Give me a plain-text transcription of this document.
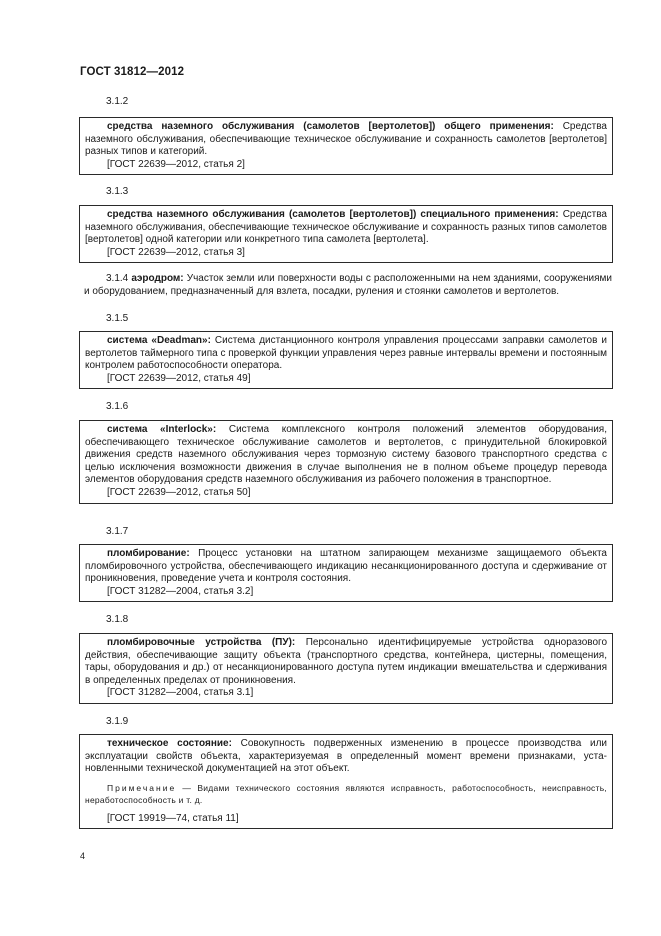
ГОСТ 31812—2012
3.1.2

средства наземного обслуживания (самолетов [вертолетов]) общего применения: Средства наземного обслуживания, обеспечивающие техническое обслуживание и сохранность самолетов [вертолетов] разных типов и категорий.

[ГОСТ 22639—2012, статья 2]

3.1.3

средства наземного обслуживания (самолетов [вертолетов]) специального применения: Средства наземного обслуживания, обеспечивающие техническое обслуживание и сохранность разных типов самолетов [вертолетов] одной категории или конкретного типа самолета [вертолета].

[ГОСТ 22639—2012, статья 3]

3.1.4 аэродром: Участок земли или поверхности воды с расположенными на нем зданиями, сооружениями и оборудованием, предназначенный для взлета, посадки, руления и стоянки самолетов и вертолетов.

3.1.5

система «Deadman»: Система дистанционного контроля управления процессами заправки самолетов и вертолетов таймерного типа с проверкой функции управления через равные интервалы времени и постоянным контролем работоспособности оператора.

[ГОСТ 22639—2012, статья 49]

3.1.6

система «Interlock»: Система комплексного контроля положений элементов оборудования, обеспечивающего техническое обслуживание самолетов и вертолетов, с принудительной блокировкой движения средств наземного обслуживания через тормозную систему базового транспортного средства с целью исключения возможности движения в случае выполнения не в полном объеме процедур перевода элементов оборудования средств наземного обслуживания из рабочего положения в транспортное.

[ГОСТ 22639—2012, статья 50]

3.1.7

пломбирование: Процесс установки на штатном запирающем механизме защищаемого объекта пломбировочного устройства, обеспечивающего индикацию несанкционированного доступа и сдерживание от проникновения, проведение учета и контроля состояния.

[ГОСТ 31282—2004, статья 3.2]

3.1.8

пломбировочные устройства (ПУ): Персонально идентифицируемые устройства одноразового действия, обеспечивающие защиту объекта (транспортного средства, контейнера, цистерны, помещения, тары, оборудования и др.) от несанкционированного доступа путем индикации вмешательства и сдерживания в определенных пределах от проникновения.

[ГОСТ 31282—2004, статья 3.1]

3.1.9

техническое состояние: Совокупность подверженных изменению в процессе производства или эксплуатации свойств объекта, характеризуемая в определенный момент времени признаками, установленными технической документацией на этот объект.

Примечание — Видами технического состояния являются исправность, работоспособность, неисправность, неработоспособность и т. д.

[ГОСТ 19919—74, статья 11]

4
